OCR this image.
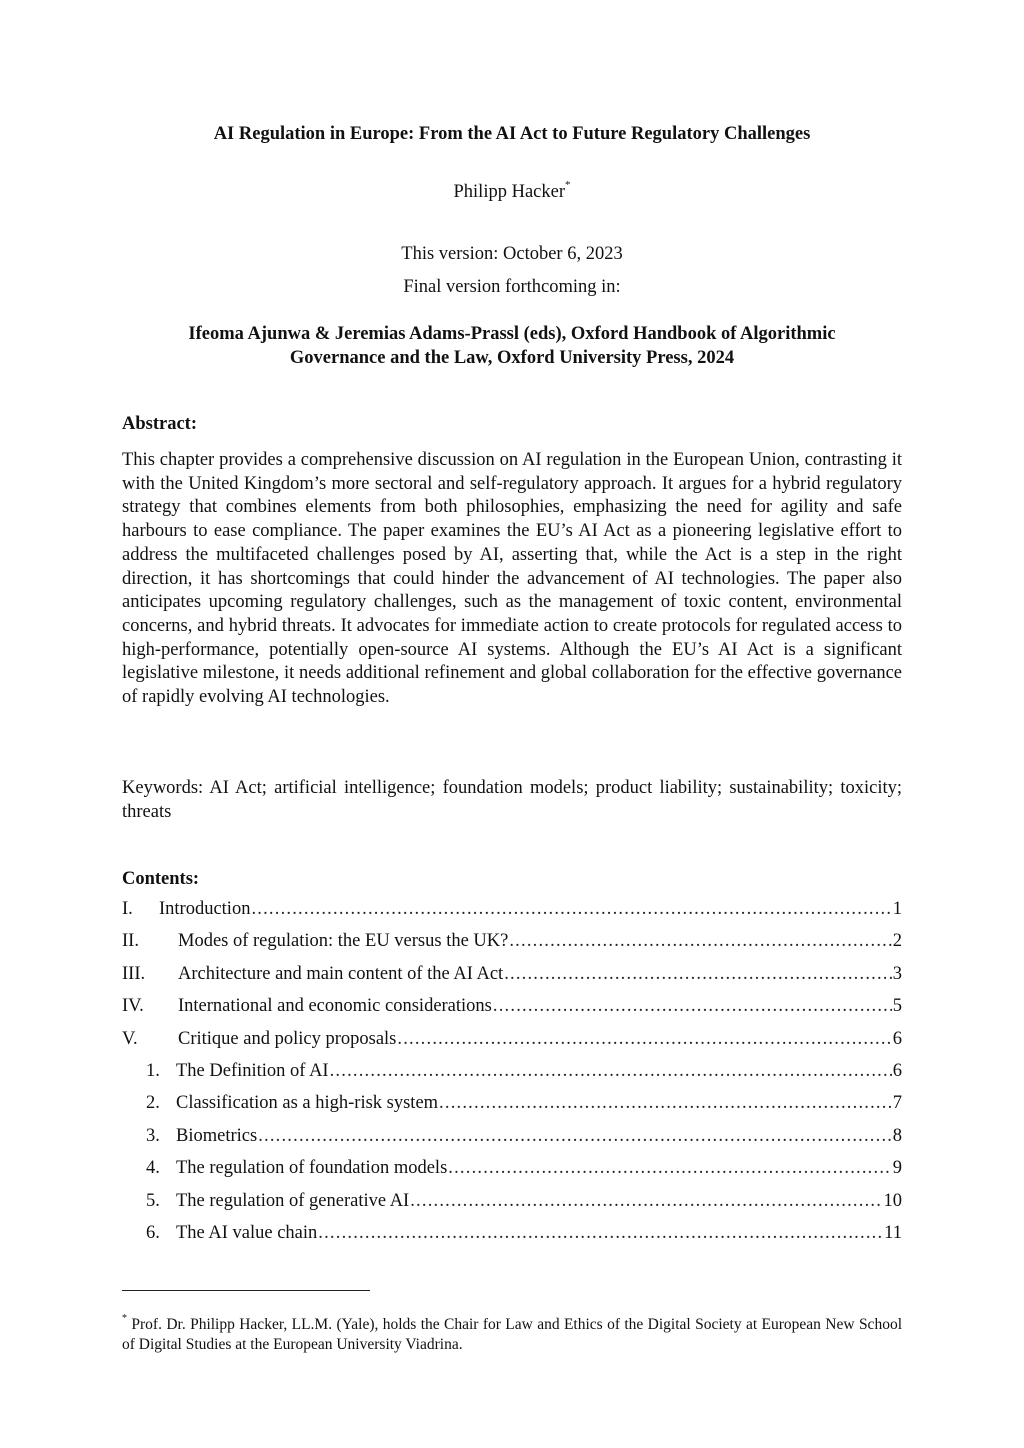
AI Regulation in Europe: From the AI Act to Future Regulatory Challenges
Philipp Hacker*
This version: October 6, 2023
Final version forthcoming in:
Ifeoma Ajunwa & Jeremias Adams-Prassl (eds), Oxford Handbook of Algorithmic
Governance and the Law, Oxford University Press, 2024
Abstract:
This chapter provides a comprehensive discussion on AI regulation in the European Union, contrasting it with the United Kingdom’s more sectoral and self-regulatory approach. It argues for a hybrid regulatory strategy that combines elements from both philosophies, emphasizing the need for agility and safe harbours to ease compliance. The paper examines the EU’s AI Act as a pioneering legislative effort to address the multifaceted challenges posed by AI, asserting that, while the Act is a step in the right direction, it has shortcomings that could hinder the advancement of AI technologies. The paper also anticipates upcoming regulatory challenges, such as the management of toxic content, environmental concerns, and hybrid threats. It advocates for immediate action to create protocols for regulated access to high-performance, potentially open-source AI systems. Although the EU’s AI Act is a significant legislative milestone, it needs additional refinement and global collaboration for the effective governance of rapidly evolving AI technologies.
Keywords: AI Act; artificial intelligence; foundation models; product liability; sustainability; toxicity; threats
Contents:
I.	Introduction .....	1
II.	Modes of regulation: the EU versus the UK? .....	2
III.	Architecture and main content of the AI Act .....	3
IV.	International and economic considerations .....	5
V.	Critique and policy proposals .....	6
1. The Definition of AI .....	6
2. Classification as a high-risk system .....	7
3. Biometrics .....	8
4. The regulation of foundation models .....	9
5. The regulation of generative AI .....	10
6. The AI value chain .....	11
* Prof. Dr. Philipp Hacker, LL.M. (Yale), holds the Chair for Law and Ethics of the Digital Society at European New School of Digital Studies at the European University Viadrina.
